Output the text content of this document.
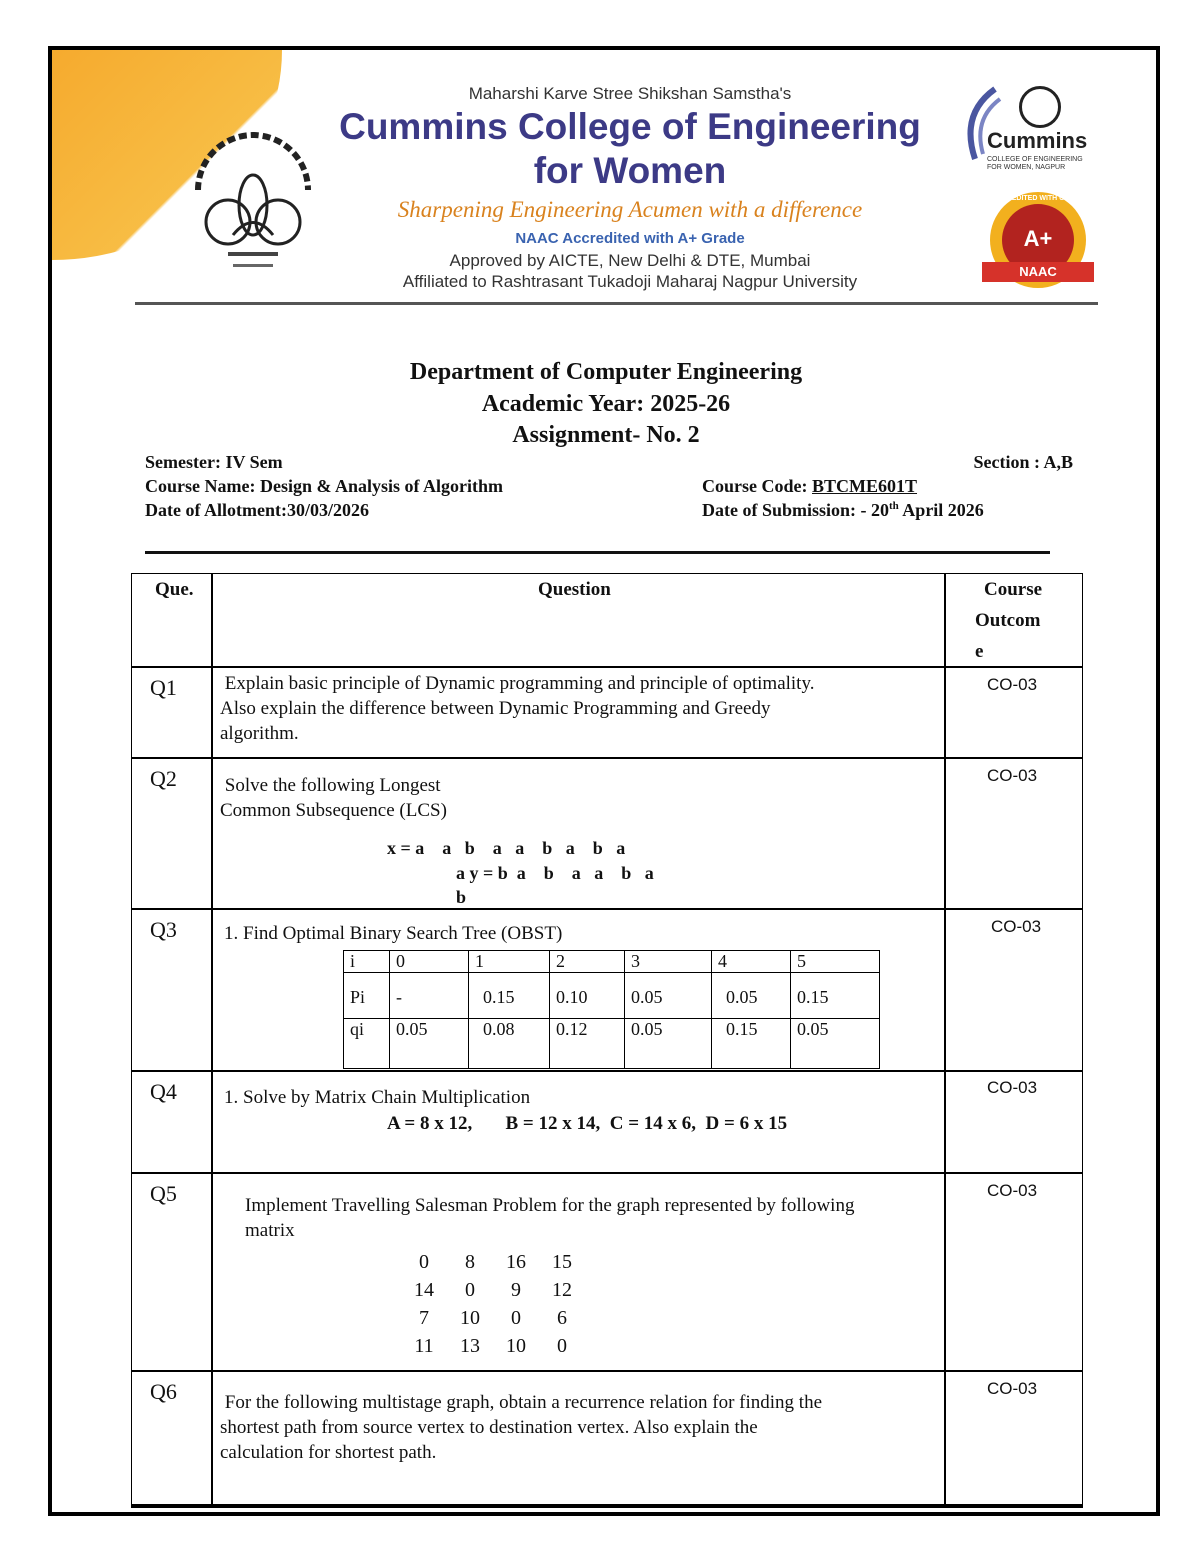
Maharshi Karve Stree Shikshan Samstha's
Cummins College of Engineering
for Women
Sharpening Engineering Acumen with a difference
NAAC Accredited with A+ Grade
Approved by AICTE, New Delhi & DTE, Mumbai
Affiliated to Rashtrasant Tukadoji Maharaj Nagpur University
Cummins
COLLEGE OF ENGINEERING FOR WOMEN, NAGPUR
ACCREDITED WITH GRADE
A+
NAAC
Department of Computer Engineering
Academic Year: 2025-26
Assignment- No. 2
Semester: IV Sem	Section : A,B
Course Name: Design & Analysis of Algorithm	Course Code: BTCME601T
Date of Allotment:30/03/2026	Date of Submission: - 20th April 2026
Que.	Question	Course
Outcom
e
Q1 Explain basic principle of Dynamic programming and principle of optimality.
Also explain the difference between Dynamic Programming and Greedy
algorithm.
CO-03
Q2 Solve the following Longest
Common Subsequence (LCS)
x = a    a   b    a   a    b   a    b   a
a y = b  a    b    a   a    b   a
b
CO-03
Q3 1. Find Optimal Binary Search Tree (OBST)
i	0	1	2	3	4	5
Pi	-	0.15	0.10	0.05	0.05	0.15
qi	0.05	0.08	0.12	0.05	0.15	0.05
CO-03
Q4 1. Solve by Matrix Chain Multiplication
A = 8 x 12,       B = 12 x 14,  C = 14 x 6,  D = 6 x 15
CO-03
Q5	Implement Travelling Salesman Problem for the graph represented by following
matrix
0 8 16 15
14 0 9 12
7 10 0 6
11 13 10 0
CO-03
Q6 For the following multistage graph, obtain a recurrence relation for finding the
shortest path from source vertex to destination vertex. Also explain the
calculation for shortest path.
CO-03
